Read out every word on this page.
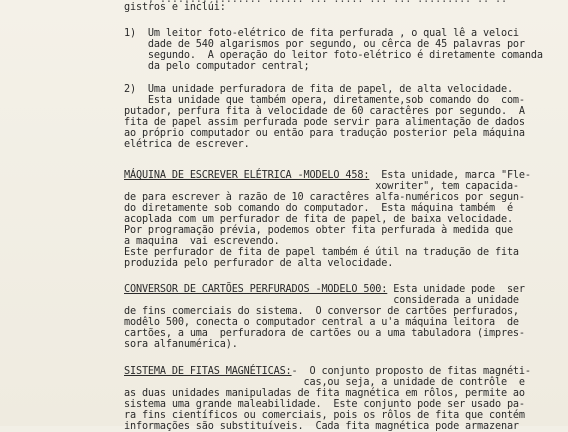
gistros e inclúi:
1)  Um leitor foto-elétrico de fita perfurada , o qual lê a veloci
dade de 540 algarismos por segundo, ou cêrca de 45 palavras por
segundo.  A operação do leitor foto-elétrico é diretamente comanda
da pelo computador central;
2)  Uma unidade perfuradora de fita de papel, de alta velocidade.
Esta unidade que também opera, diretamente,sob comando do  com-
putador, perfura fita à velocidade de 60 caractêres por segundo.  A
fita de papel assim perfurada pode servir para alimentação de dados
ao próprio computador ou então para tradução posterior pela máquina
elétrica de escrever.
MÁQUINA DE ESCREVER ELÉTRICA -MODELO 458:  Esta unidade, marca "Fle-
xowriter", tem capacida-
de para escrever à razão de 10 caractêres alfa-numéricos por segun-
do diretamente sob comando do computador.  Esta máquina também  é
acoplada com um perfurador de fita de papel, de baixa velocidade.
Por programação prévia, podemos obter fita perfurada à medida que
a maquina  vai escrevendo.
Este perfurador de fita de papel também é útil na tradução de fita
produzida pelo perfurador de alta velocidade.
CONVERSOR DE CARTÕES PERFURADOS -MODELO 500: Esta unidade pode  ser
considerada a unidade
de fins comerciais do sistema.  O conversor de cartões perfurados,
modêlo 500, conecta o computador central a u'a máquina leitora  de
cartões, a uma  perfuradora de cartões ou a uma tabuladora (impres-
sora alfanumérica).
SISTEMA DE FITAS MAGNÉTICAS:-  O conjunto proposto de fitas magnéti-
cas,ou seja, a unidade de contrôle  e
as duas unidades manipuladas de fita magnética em rôlos, permite ao
sistema uma grande maleabilidade.  Este conjunto pode ser usado pa-
ra fins científicos ou comerciais, pois os rôlos de fita que contém
informações são substituíveis.  Cada fita magnética pode armazenar
